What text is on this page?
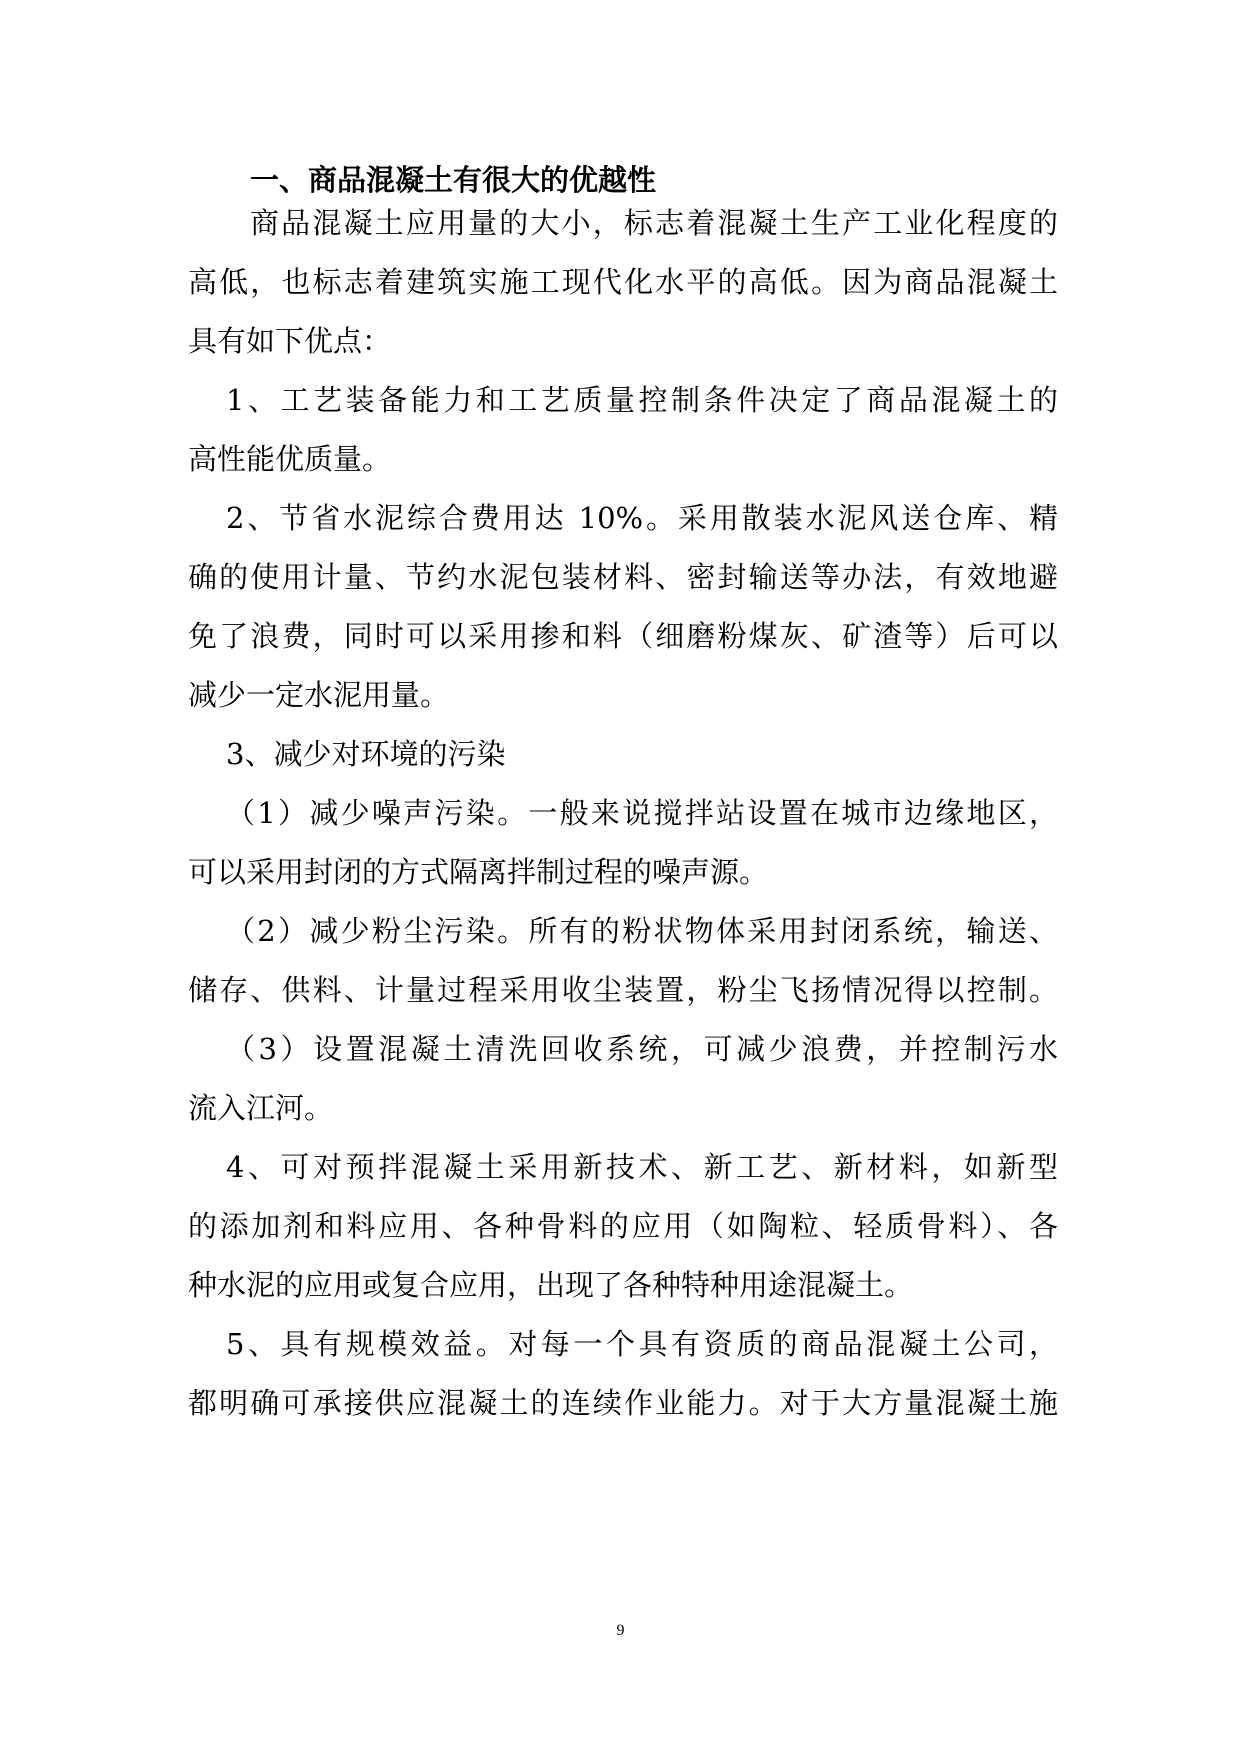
一、商品混凝土有很大的优越性
商品混凝土应用量的大小，标志着混凝土生产工业化程度的
高低，也标志着建筑实施工现代化水平的高低。因为商品混凝土
具有如下优点：
1、工艺装备能力和工艺质量控制条件决定了商品混凝土的
高性能优质量。
2、节省水泥综合费用达 10%。采用散装水泥风送仓库、精
确的使用计量、节约水泥包装材料、密封输送等办法，有效地避
免了浪费，同时可以采用掺和料（细磨粉煤灰、矿渣等）后可以
减少一定水泥用量。
3、减少对环境的污染
（1）减少噪声污染。一般来说搅拌站设置在城市边缘地区，
可以采用封闭的方式隔离拌制过程的噪声源。
（2）减少粉尘污染。所有的粉状物体采用封闭系统，输送、
储存、供料、计量过程采用收尘装置，粉尘飞扬情况得以控制。
（3）设置混凝土清洗回收系统，可减少浪费，并控制污水
流入江河。
4、可对预拌混凝土采用新技术、新工艺、新材料，如新型
的添加剂和料应用、各种骨料的应用（如陶粒、轻质骨料）、各
种水泥的应用或复合应用，出现了各种特种用途混凝土。
5、具有规模效益。对每一个具有资质的商品混凝土公司，
都明确可承接供应混凝土的连续作业能力。对于大方量混凝土施
9
